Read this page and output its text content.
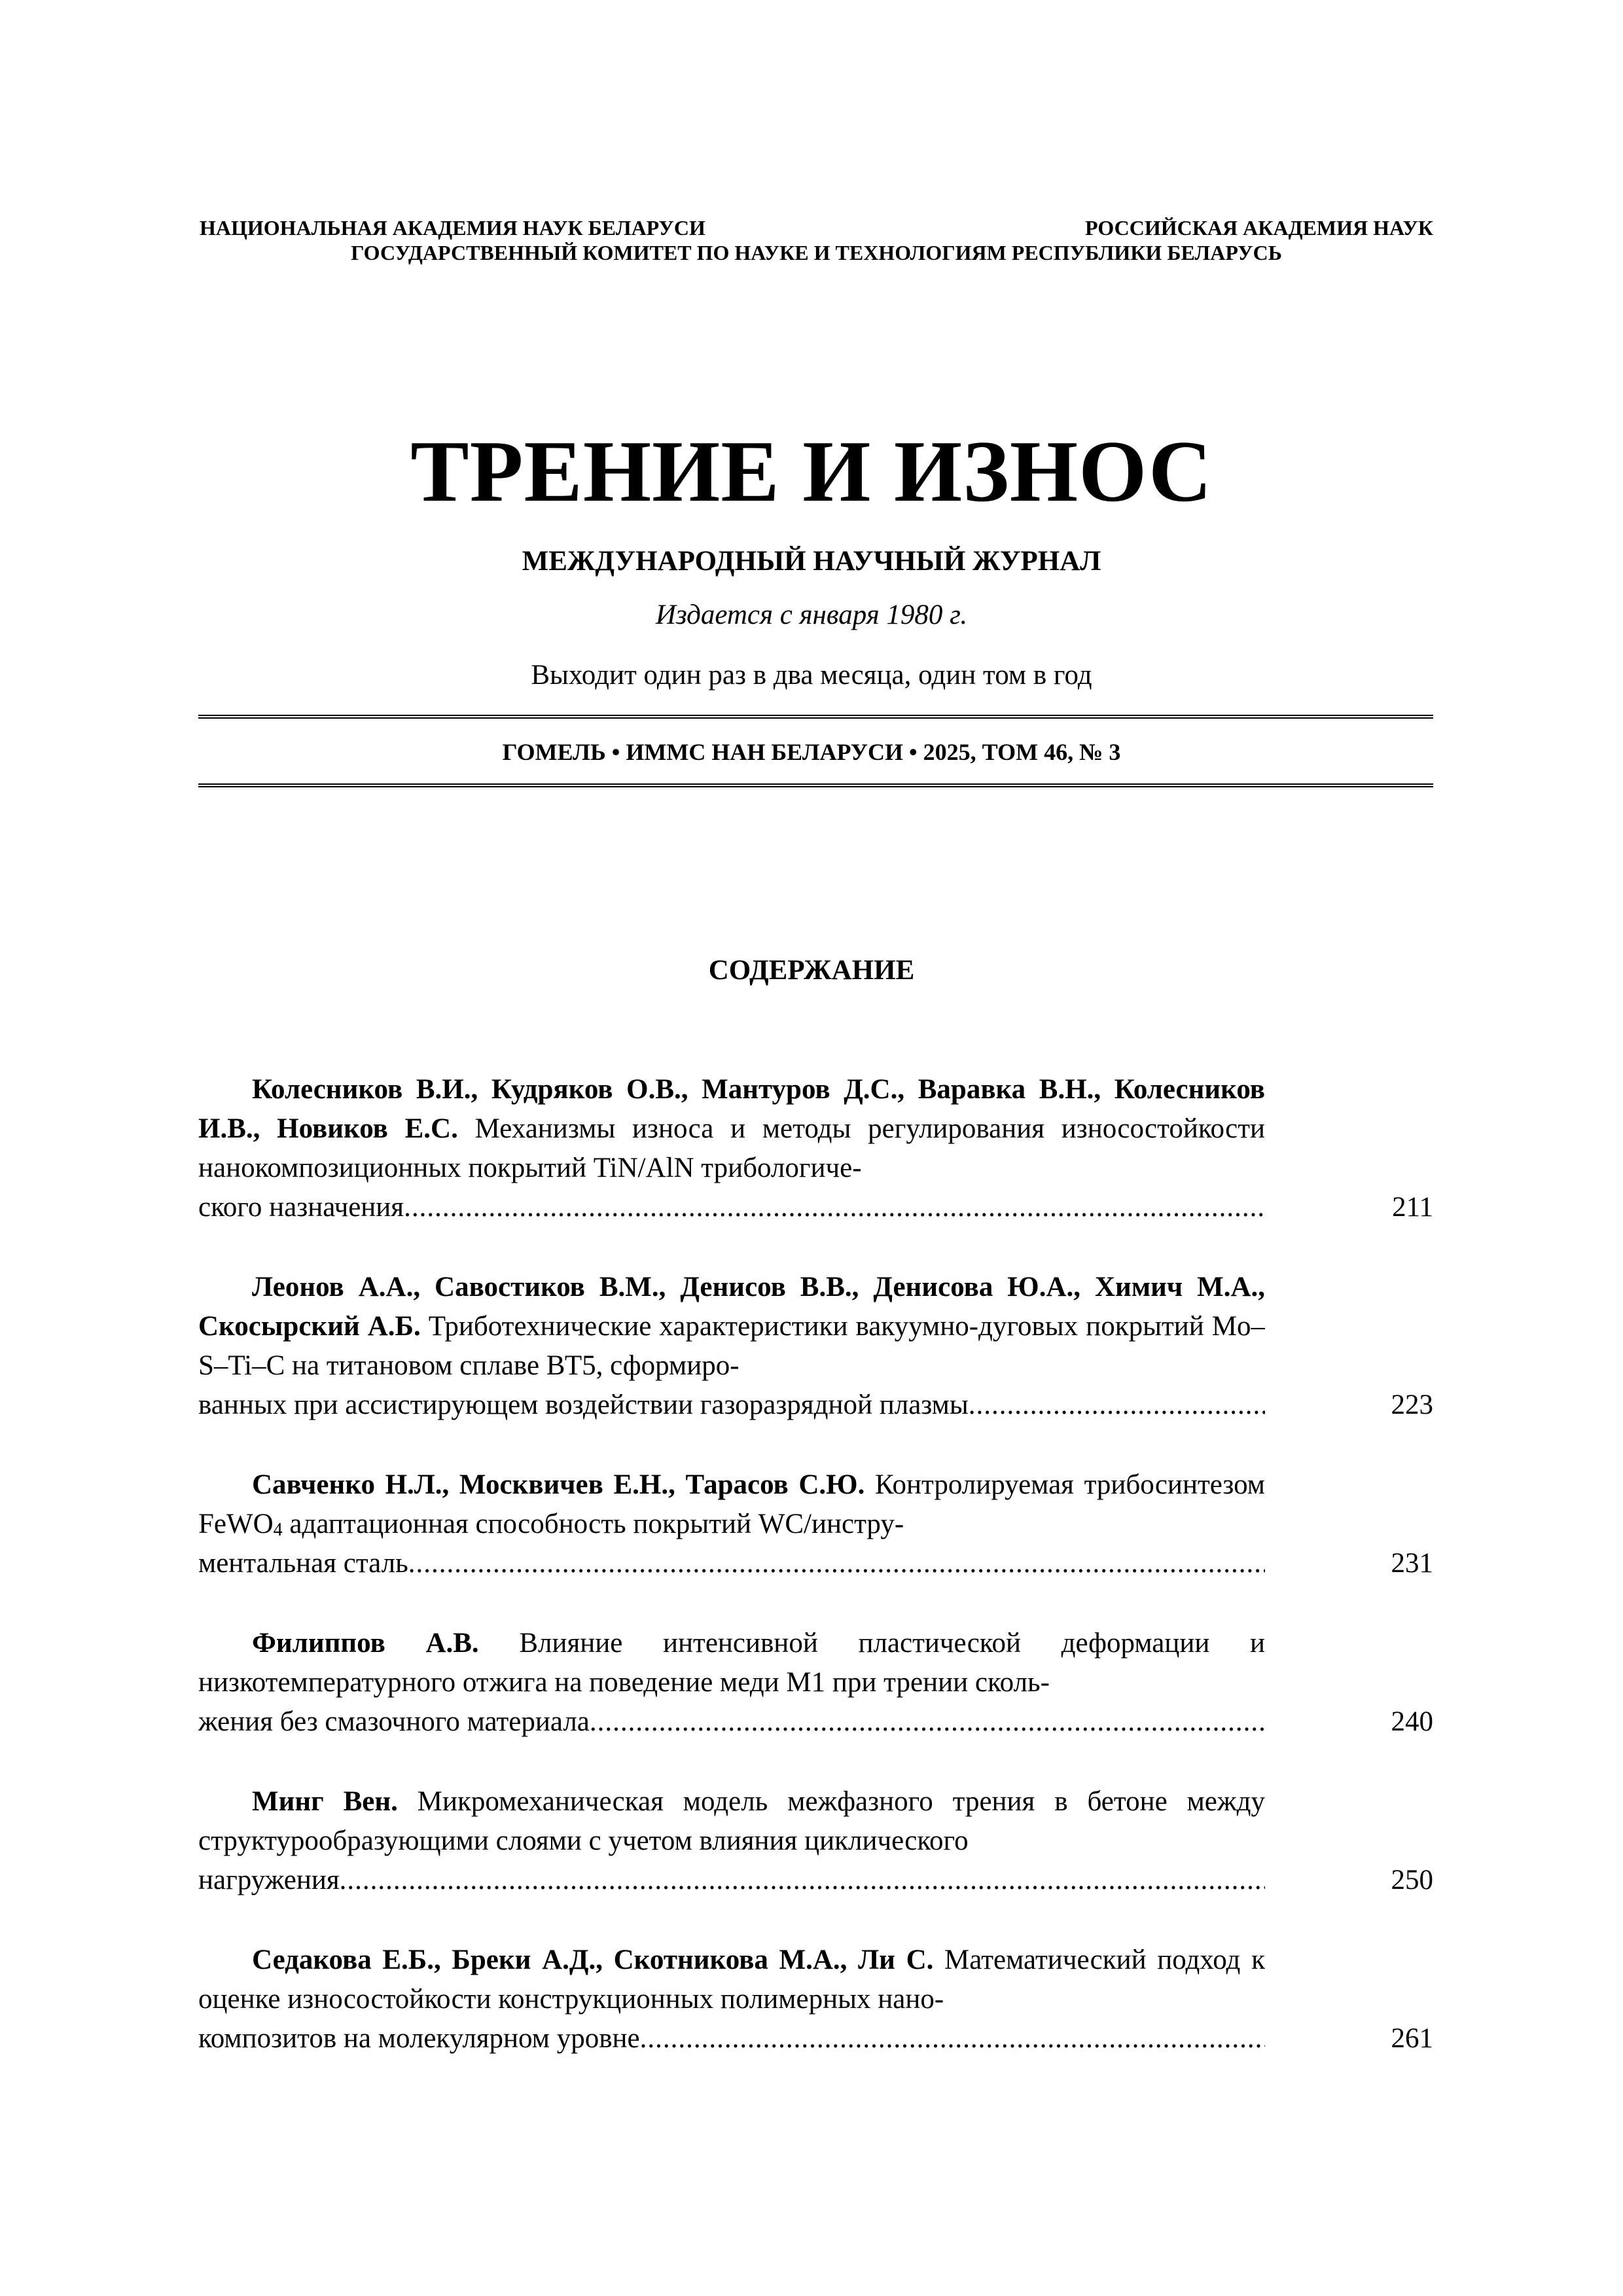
НАЦИОНАЛЬНАЯ АКАДЕМИЯ НАУК БЕЛАРУСИ	РОССИЙСКАЯ АКАДЕМИЯ НАУК
ГОСУДАРСТВЕННЫЙ КОМИТЕТ ПО НАУКЕ И ТЕХНОЛОГИЯМ РЕСПУБЛИКИ БЕЛАРУСЬ
ТРЕНИЕ И ИЗНОС
МЕЖДУНАРОДНЫЙ НАУЧНЫЙ ЖУРНАЛ
Издается с января 1980 г.
Выходит один раз в два месяца, один том в год
ГОМЕЛЬ • ИММС НАН БЕЛАРУСИ • 2025, ТОМ 46, № 3
СОДЕРЖАНИЕ
Колесников В.И., Кудряков О.В., Мантуров Д.С., Варавка В.Н., Колесников И.В., Новиков Е.С. Механизмы износа и методы регулирования износостойкости нанокомпозиционных покрытий TiN/AlN трибологиче-
ского назначения .....	211
Леонов А.А., Савостиков В.М., Денисов В.В., Денисова Ю.А., Химич М.А., Скосырский А.Б. Триботехнические характеристики вакуумно-дуговых покрытий Mo–S–Ti–C на титановом сплаве ВТ5, сформиро-
ванных при ассистирующем воздействии газоразрядной плазмы .....	223
Савченко Н.Л., Москвичев Е.Н., Тарасов С.Ю. Контролируемая трибосинтезом FeWO$_4$ адаптационная способность покрытий WC/инстру-
ментальная сталь .....	231
Филиппов А.В. Влияние интенсивной пластической деформации и низкотемпературного отжига на поведение меди М1 при трении сколь-
жения без смазочного материала .....	240
Минг Вен. Микромеханическая модель межфазного трения в бетоне между структурообразующими слоями с учетом влияния циклического
нагружения .....	250
Седакова Е.Б., Бреки А.Д., Скотникова М.А., Ли С. Математический подход к оценке износостойкости конструкционных полимерных нано-
композитов на молекулярном уровне .....	261
